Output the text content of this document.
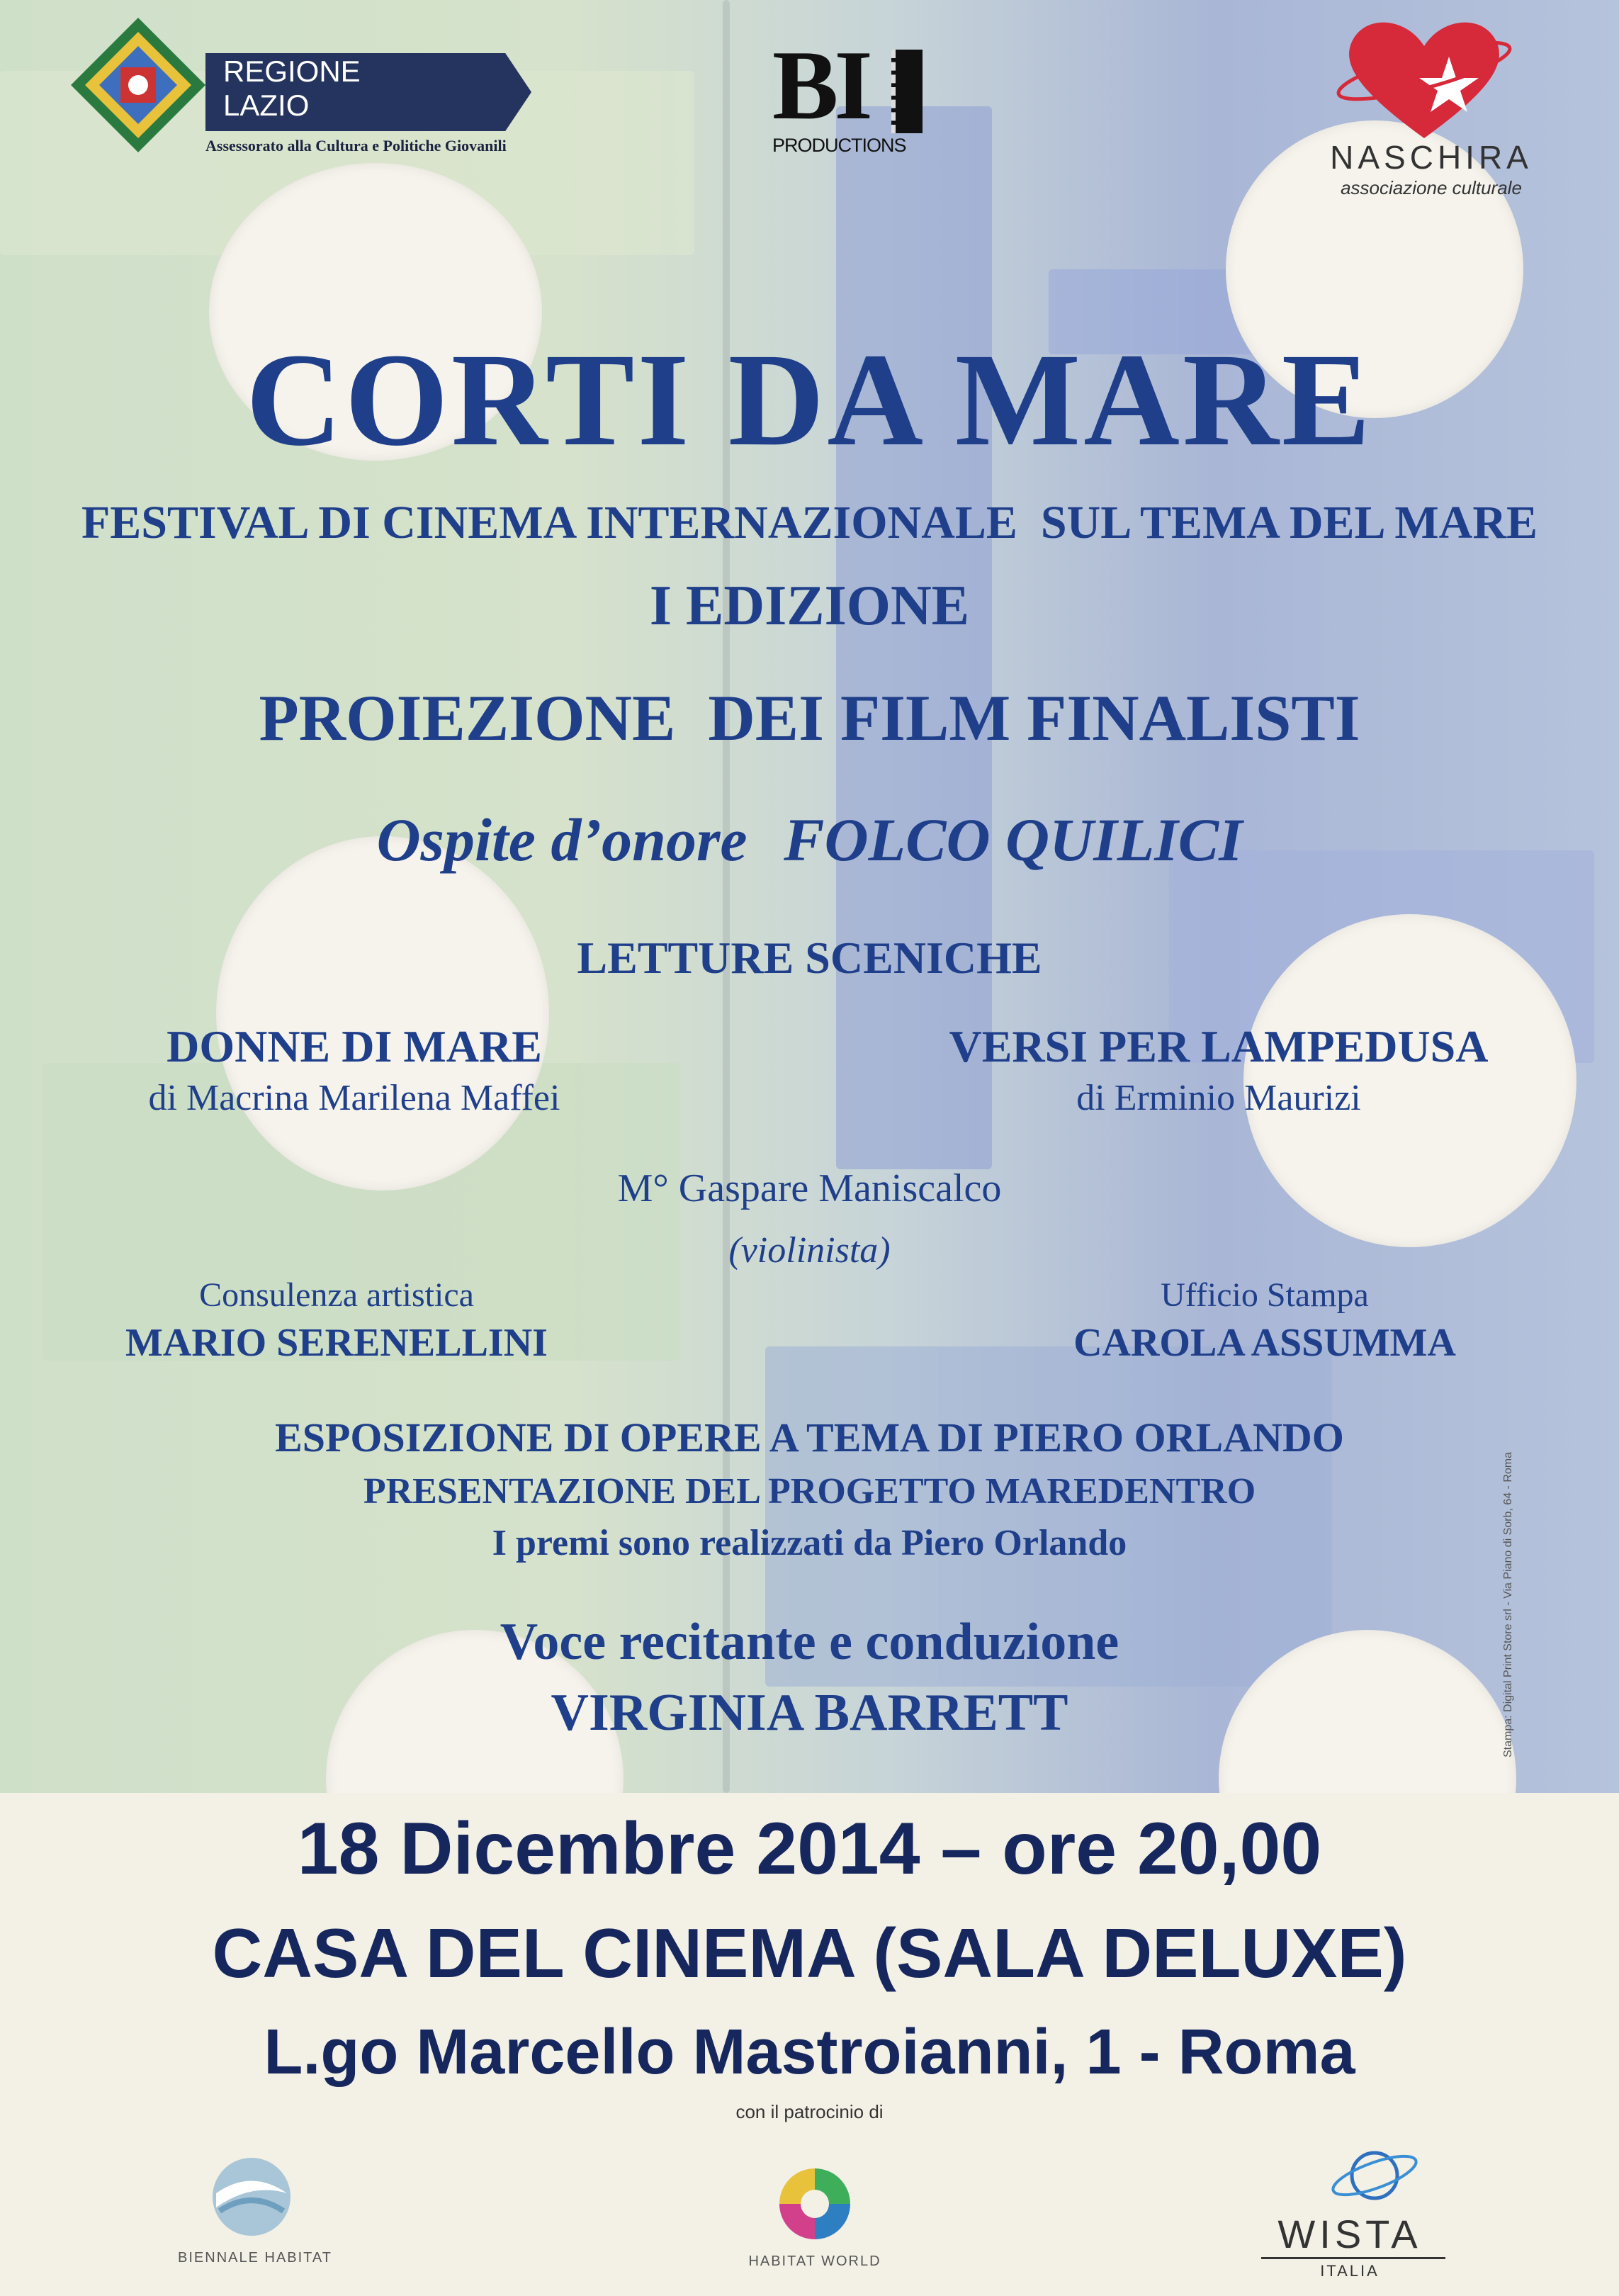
REGIONE
LAZIO
Assessorato alla Cultura e Politiche Giovanili
BI
PRODUCTIONS	NASCHIRA
associazione culturale
CORTI DA MARE
FESTIVAL DI CINEMA INTERNAZIONALE  SUL TEMA DEL MARE
I EDIZIONE
PROIEZIONE  DEI FILM FINALISTI
Ospite d’onore FOLCO QUILICI
LETTURE SCENICHE
DONNE DI MARE
di Macrina Marilena Maffei
VERSI PER LAMPEDUSA
di Erminio Maurizi
M° Gaspare Maniscalco
(violinista)
Consulenza artistica
MARIO SERENELLINI
Ufficio Stampa
CAROLA ASSUMMA
ESPOSIZIONE DI OPERE A TEMA DI PIERO ORLANDO
PRESENTAZIONE DEL PROGETTO MAREDENTRO
I premi sono realizzati da Piero Orlando
Voce recitante e conduzione
VIRGINIA BARRETT	Stampa: Digital Print Store srl - Via Piano di Sorb, 64 - Roma
18 Dicembre 2014 – ore 20,00
CASA DEL CINEMA (SALA DELUXE)
L.go Marcello Mastroianni, 1 - Roma
con il patrocinio di
BIENNALE HABITAT	HABITAT WORLD
WISTA
ITALIA
